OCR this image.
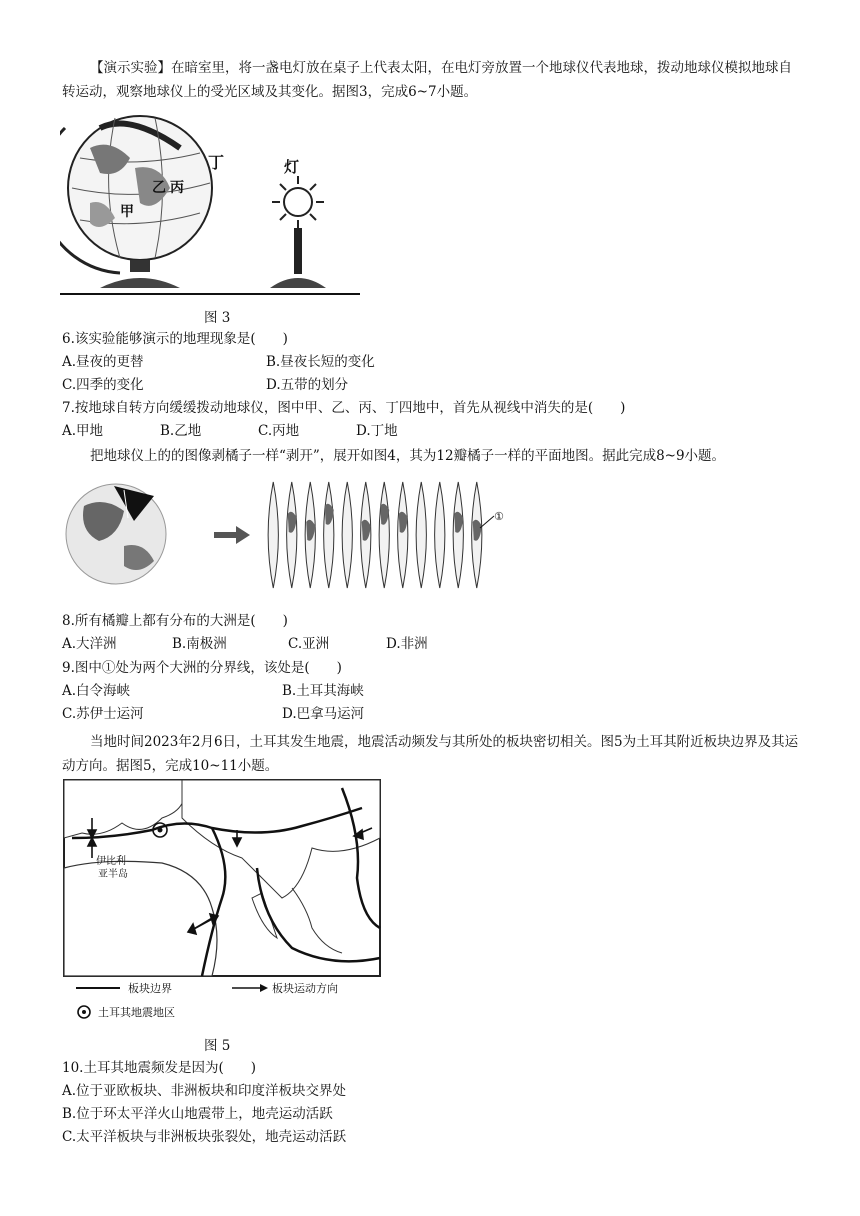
【演示实验】在暗室里，将一盏电灯放在桌子上代表太阳，在电灯旁放置一个地球仪代表地球，拨动地球仪模拟地球自转运动，观察地球仪上的受光区域及其变化。据图3，完成6~7小题。
甲
乙 丙
丁	灯
图 3
6.该实验能够演示的地理现象是(　　)
A.昼夜的更替	B.昼夜长短的变化
C.四季的变化	D.五带的划分
7.按地球自转方向缓缓拨动地球仪，图中甲、乙、丙、丁四地中，首先从视线中消失的是(　　)
A.甲地	B.乙地	C.丙地	D.丁地
把地球仪上的的图像剥橘子一样“剥开”，展开如图4，其为12瓣橘子一样的平面地图。据此完成8~9小题。
①
8.所有橘瓣上都有分布的大洲是(　　)
A.大洋洲	B.南极洲	C.亚洲	D.非洲
9.图中①处为两个大洲的分界线，该处是(　　)
A.白令海峡	B.土耳其海峡
C.苏伊士运河	D.巴拿马运河
当地时间2023年2月6日，土耳其发生地震，地震活动频发与其所处的板块密切相关。图5为土耳其附近板块边界及其运动方向。据图5，完成10~11小题。
伊比利
亚半岛
板块边界	板块运动方向
土耳其地震地区
图 5
10.土耳其地震频发是因为(　　)
A.位于亚欧板块、非洲板块和印度洋板块交界处
B.位于环太平洋火山地震带上，地壳运动活跃
C.太平洋板块与非洲板块张裂处，地壳运动活跃
